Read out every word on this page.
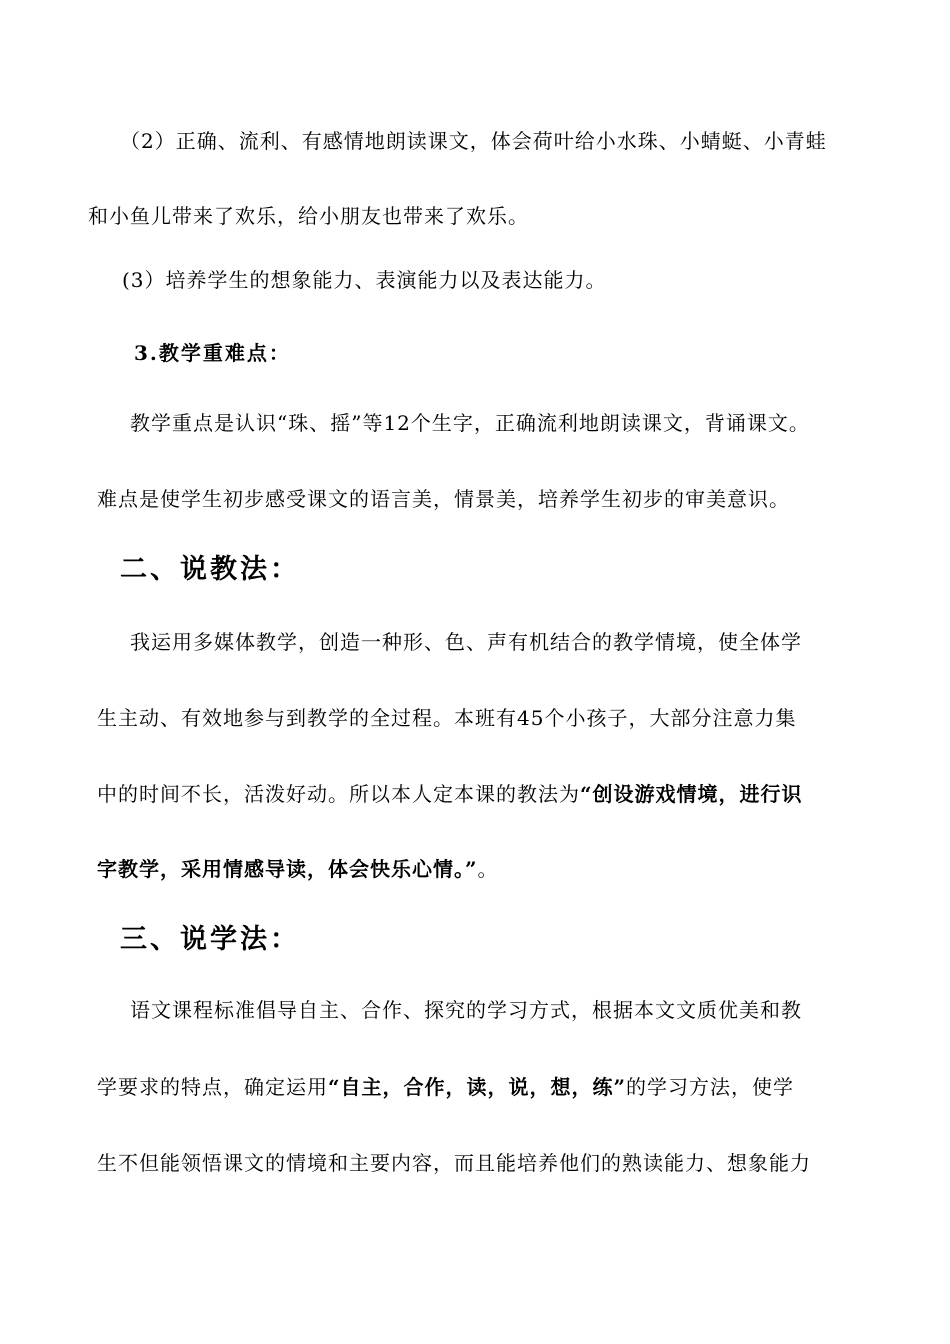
（2）正确、流利、有感情地朗读课文，体会荷叶给小水珠、小蜻蜓、小青蛙
和小鱼儿带来了欢乐，给小朋友也带来了欢乐。
(3）培养学生的想象能力、表演能力以及表达能力。
3.教学重难点：
教学重点是认识“珠、摇”等12个生字，正确流利地朗读课文，背诵课文。
难点是使学生初步感受课文的语言美，情景美，培养学生初步的审美意识。
二、说教法：
我运用多媒体教学，创造一种形、色、声有机结合的教学情境，使全体学
生主动、有效地参与到教学的全过程。本班有45个小孩子，大部分注意力集
中的时间不长，活泼好动。所以本人定本课的教法为“创设游戏情境，进行识
字教学，采用情感导读，体会快乐心情。”。
三、说学法：
语文课程标准倡导自主、合作、探究的学习方式，根据本文文质优美和教
学要求的特点，确定运用“自主，合作，读，说，想，练”的学习方法，使学
生不但能领悟课文的情境和主要内容，而且能培养他们的熟读能力、想象能力
